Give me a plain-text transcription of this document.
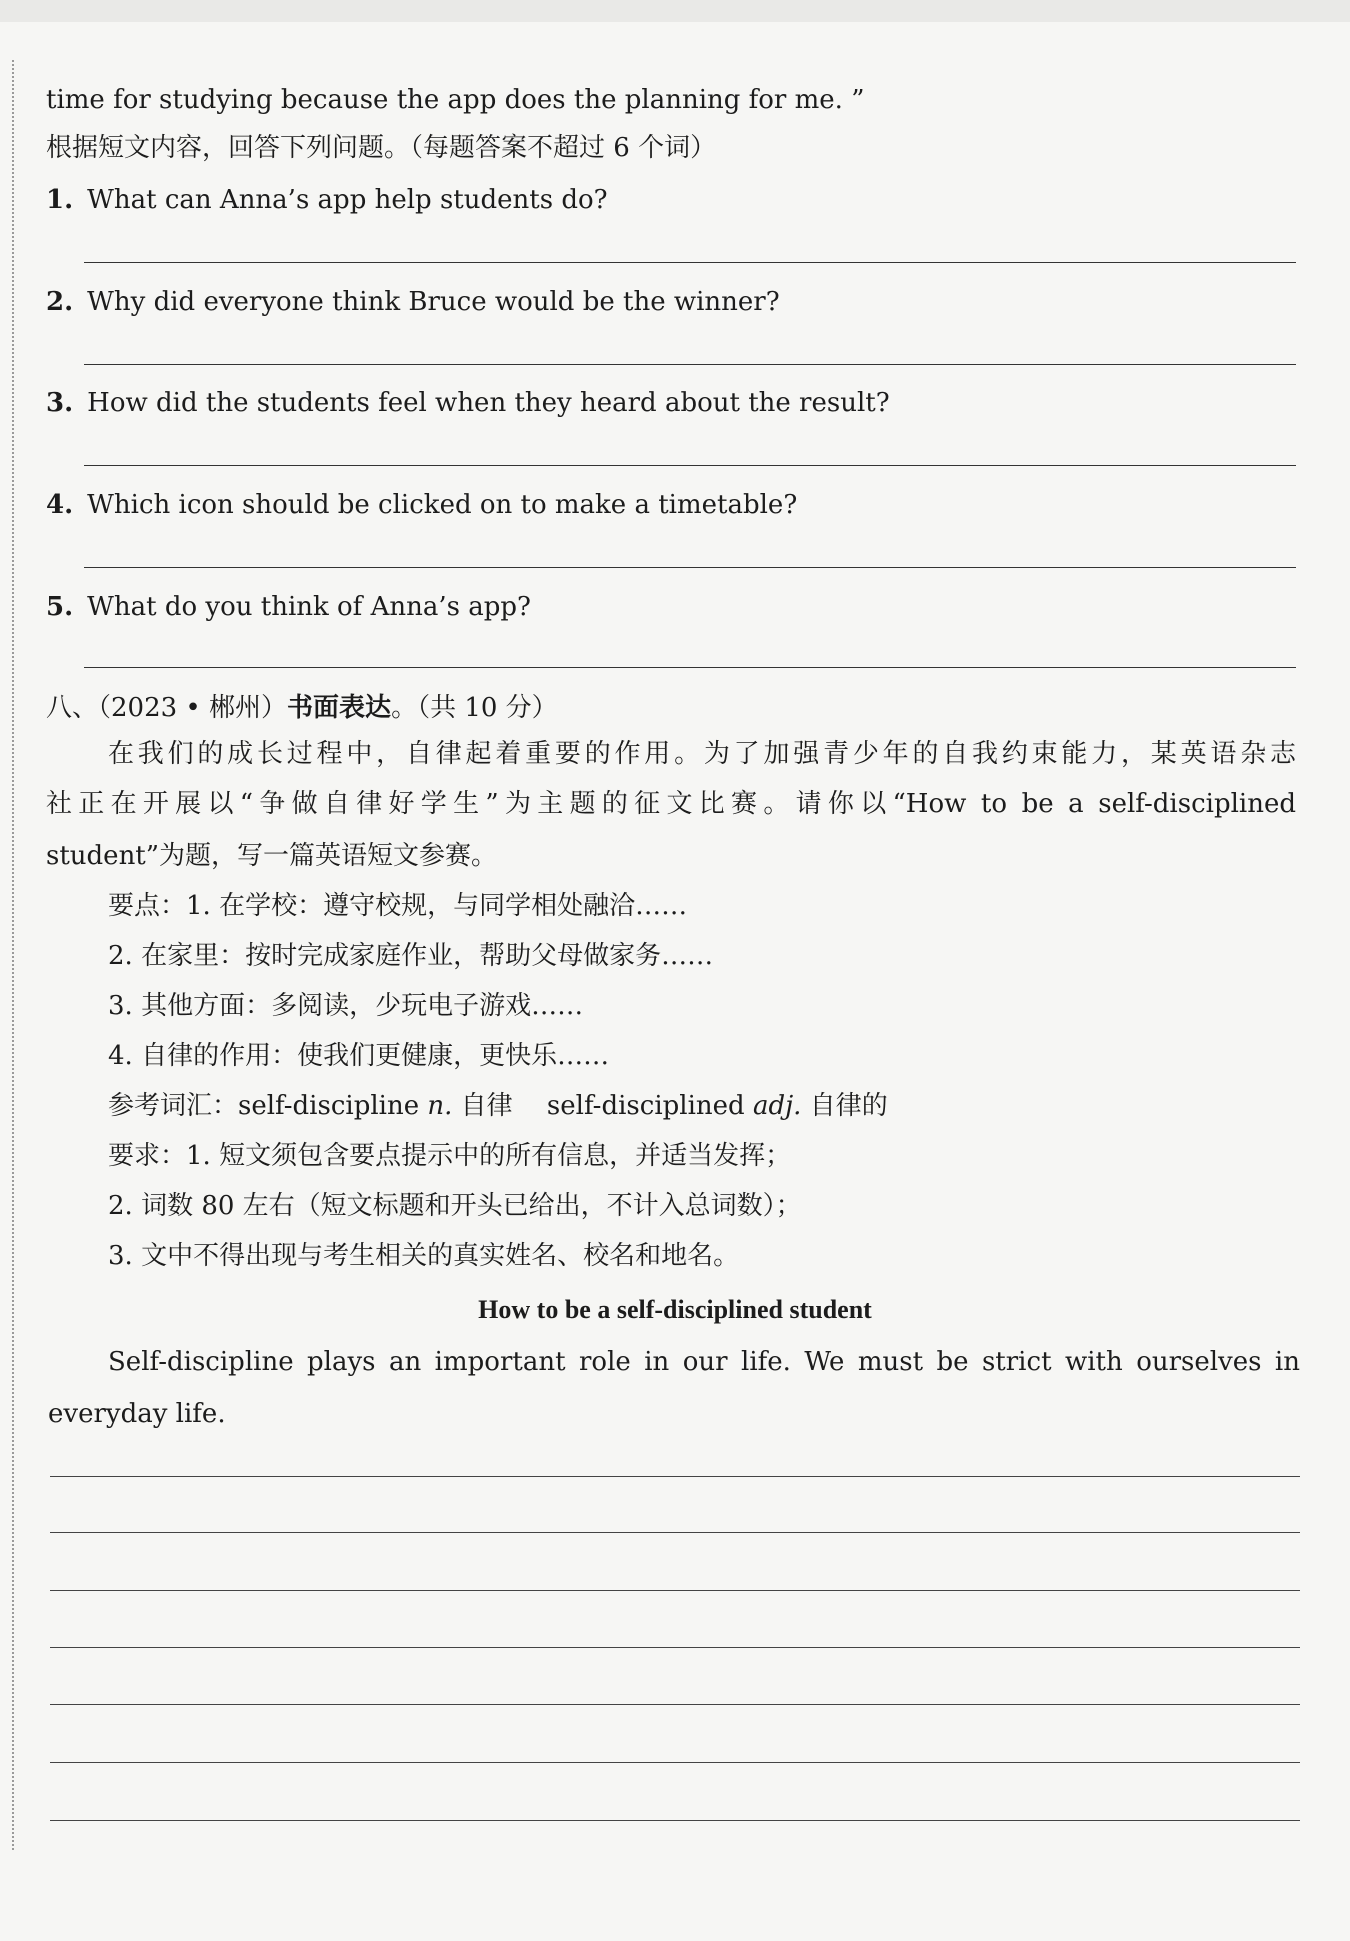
time for studying because the app does the planning for me. ”
根据短文内容，回答下列问题。（每题答案不超过 6 个词）
1. What can Anna’s app help students do?
2. Why did everyone think Bruce would be the winner?
3. How did the students feel when they heard about the result?
4. Which icon should be clicked on to make a timetable?
5. What do you think of Anna’s app?
八、（2023 • 郴州）书面表达。（共 10 分）
在我们的成长过程中，自律起着重要的作用。为了加强青少年的自我约束能力，某英语杂志
社正在开展以“争做自律好学生”为主题的征文比赛。请你以“How to be a self-disciplined
student”为题，写一篇英语短文参赛。
要点：1. 在学校：遵守校规，与同学相处融洽……
2. 在家里：按时完成家庭作业，帮助父母做家务……
3. 其他方面：多阅读，少玩电子游戏……
4. 自律的作用：使我们更健康，更快乐……
参考词汇：self-discipline n. 自律　 self-disciplined adj. 自律的
要求：1. 短文须包含要点提示中的所有信息，并适当发挥；
2. 词数 80 左右（短文标题和开头已给出，不计入总词数）；
3. 文中不得出现与考生相关的真实姓名、校名和地名。
How to be a self-disciplined student
Self-discipline plays an important role in our life. We must be strict with ourselves in
everyday life.
